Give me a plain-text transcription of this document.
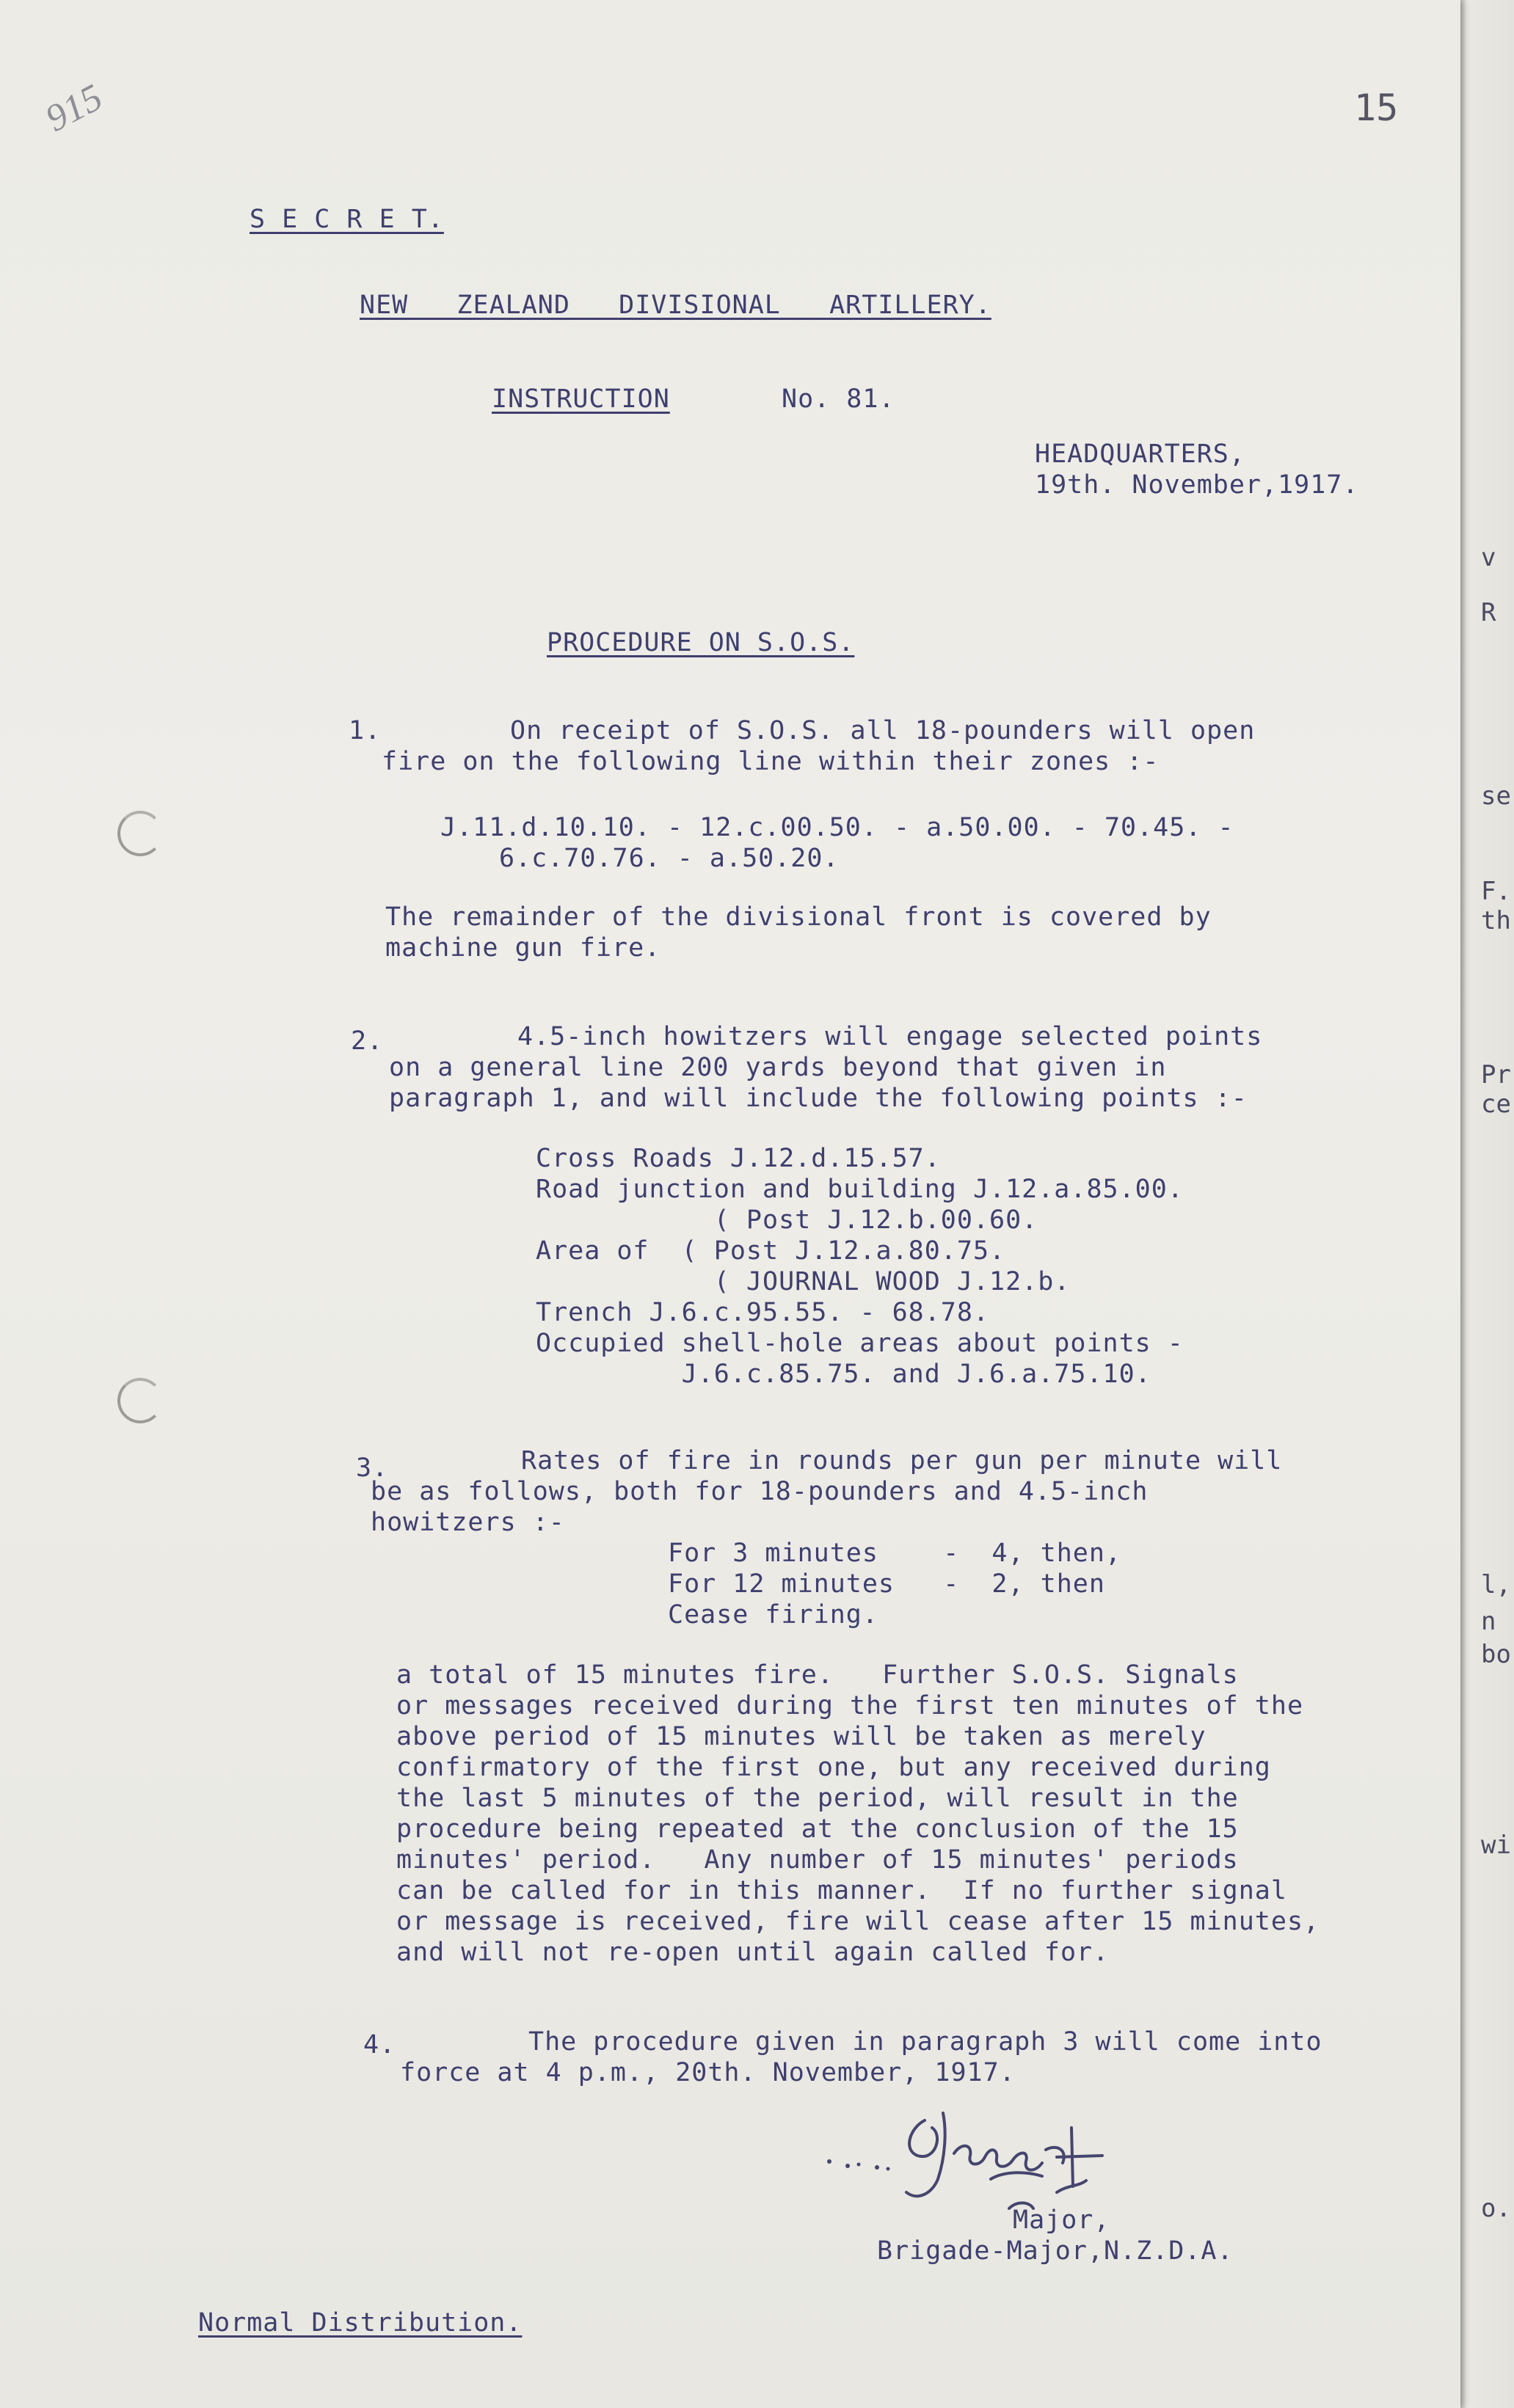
v
R
se
F.
th
Pr
ce
l,
n
bo
wi
o.
915	15
S E C R E T.
NEW   ZEALAND   DIVISIONAL   ARTILLERY.
INSTRUCTION	No. 81.
HEADQUARTERS,
19th. November,1917.
PROCEDURE ON S.O.S.
1.	On receipt of S.O.S. all 18-pounders will open
fire on the following line within their zones :-
J.11.d.10.10. - 12.c.00.50. - a.50.00. - 70.45. -
6.c.70.76. - a.50.20.
The remainder of the divisional front is covered by
machine gun fire.
2.	4.5-inch howitzers will engage selected points
on a general line 200 yards beyond that given in
paragraph 1, and will include the following points :-
Cross Roads J.12.d.15.57.
Road junction and building J.12.a.85.00.
( Post J.12.b.00.60.
Area of  ( Post J.12.a.80.75.
( JOURNAL WOOD J.12.b.
Trench J.6.c.95.55. - 68.78.
Occupied shell-hole areas about points -
J.6.c.85.75. and J.6.a.75.10.
3.	Rates of fire in rounds per gun per minute will
be as follows, both for 18-pounders and 4.5-inch
howitzers :-
For 3 minutes    -  4, then,
For 12 minutes   -  2, then
Cease firing.
a total of 15 minutes fire.   Further S.O.S. Signals
or messages received during the first ten minutes of the
above period of 15 minutes will be taken as merely
confirmatory of the first one, but any received during
the last 5 minutes of the period, will result in the
procedure being repeated at the conclusion of the 15
minutes' period.   Any number of 15 minutes' periods
can be called for in this manner.  If no further signal
or message is received, fire will cease after 15 minutes,
and will not re-open until again called for.
4.	The procedure given in paragraph 3 will come into
force at 4 p.m., 20th. November, 1917.
Major,
Brigade-Major,N.Z.D.A.
Normal Distribution.
